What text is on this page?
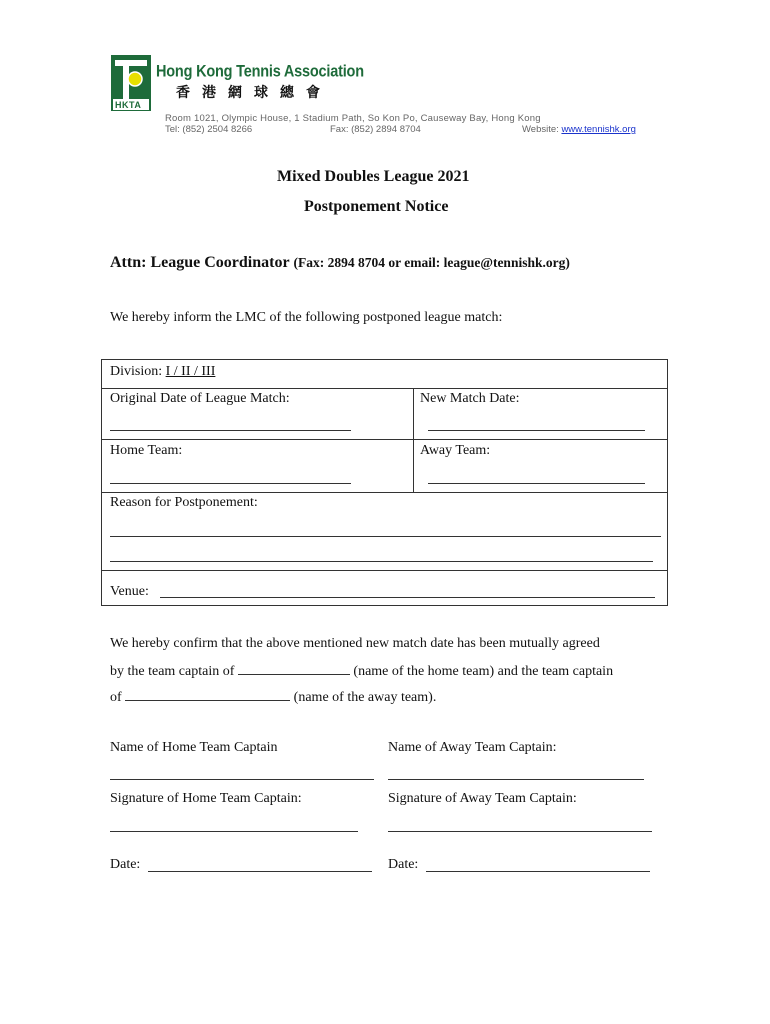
HKTA
Hong Kong Tennis Association
香港網球總會
Room 1021, Olympic House, 1 Stadium Path, So Kon Po, Causeway Bay, Hong Kong
Tel: (852) 2504 8266	Fax: (852) 2894 8704	Website: www.tennishk.org
Mixed Doubles League 2021
Postponement Notice
Attn: League Coordinator (Fax: 2894 8704 or email: league@tennishk.org)
We hereby inform the LMC of the following postponed league match:
Division: I / II / III
Original Date of League Match:	New Match Date:
Home Team:	Away Team:
Reason for Postponement:
Venue:
We hereby confirm that the above mentioned new match date has been mutually agreed
by the team captain of	(name of the home team) and the team captain
of	(name of the away team).
Name of Home Team Captain	Name of Away Team Captain:
Signature of Home Team Captain:	Signature of Away Team Captain:
Date:	Date:
